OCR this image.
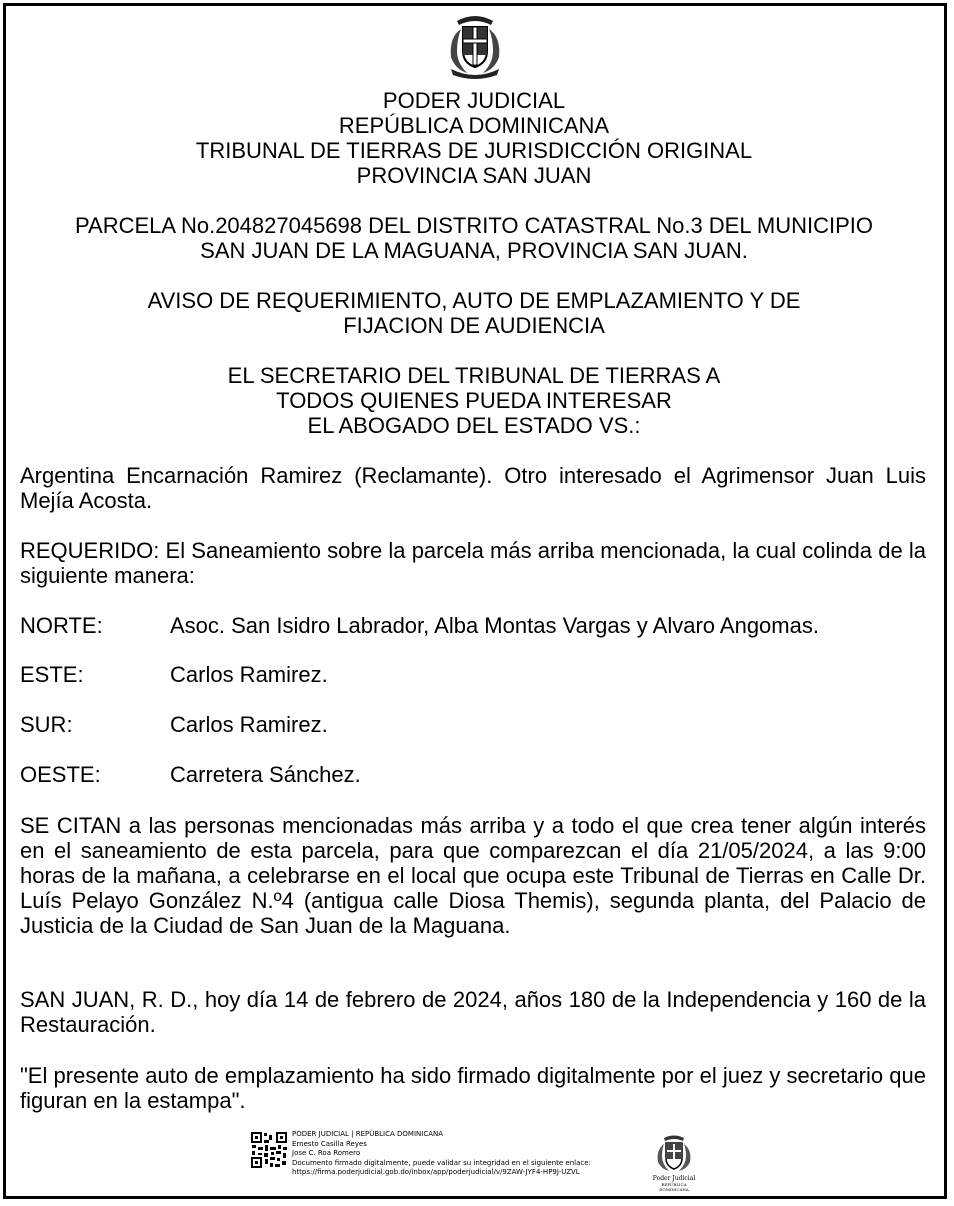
PODER JUDICIAL
REPÚBLICA DOMINICANA
TRIBUNAL DE TIERRAS DE JURISDICCIÓN ORIGINAL
PROVINCIA SAN JUAN
PARCELA No.204827045698 DEL DISTRITO CATASTRAL No.3 DEL MUNICIPIO
SAN JUAN DE LA MAGUANA, PROVINCIA SAN JUAN.
AVISO DE REQUERIMIENTO, AUTO DE EMPLAZAMIENTO Y DE
FIJACION DE AUDIENCIA
EL SECRETARIO DEL TRIBUNAL DE TIERRAS A
TODOS QUIENES PUEDA INTERESAR
EL ABOGADO DEL ESTADO VS.:

Argentina Encarnación Ramirez (Reclamante). Otro interesado el Agrimensor Juan Luis Mejía Acosta.

REQUERIDO: El Saneamiento sobre la parcela más arriba mencionada, la cual colinda de la siguiente manera:

NORTE:	Asoc. San Isidro Labrador, Alba Montas Vargas y Alvaro Angomas.
ESTE:	Carlos Ramirez.
SUR:	Carlos Ramirez.
OESTE:	Carretera Sánchez.

SE CITAN a las personas mencionadas más arriba y a todo el que crea tener algún interés en el saneamiento de esta parcela, para que comparezcan el día 21/05/2024, a las 9:00 horas de la mañana, a celebrarse en el local que ocupa este Tribunal de Tierras en Calle Dr. Luís Pelayo González N.º4 (antigua calle Diosa Themis), segunda planta, del Palacio de Justicia de la Ciudad de San Juan de la Maguana.

SAN JUAN, R. D., hoy día 14 de febrero de 2024, años 180 de la Independencia y 160 de la Restauración.

"El presente auto de emplazamiento ha sido firmado digitalmente por el juez y secretario que figuran en la estampa".

PODER JUDICIAL | REPÚBLICA DOMINICANA
Ernesto Casilla Reyes
Jose C. Roa Romero
Documento firmado digitalmente, puede validar su integridad en el siguiente enlace:
https://firma.poderjudicial.gob.do/inbox/app/poderjudicial/v/9ZAW-JYF4-HP9J-UZVL
Poder Judicial
REPÚBLICA DOMINICANA
